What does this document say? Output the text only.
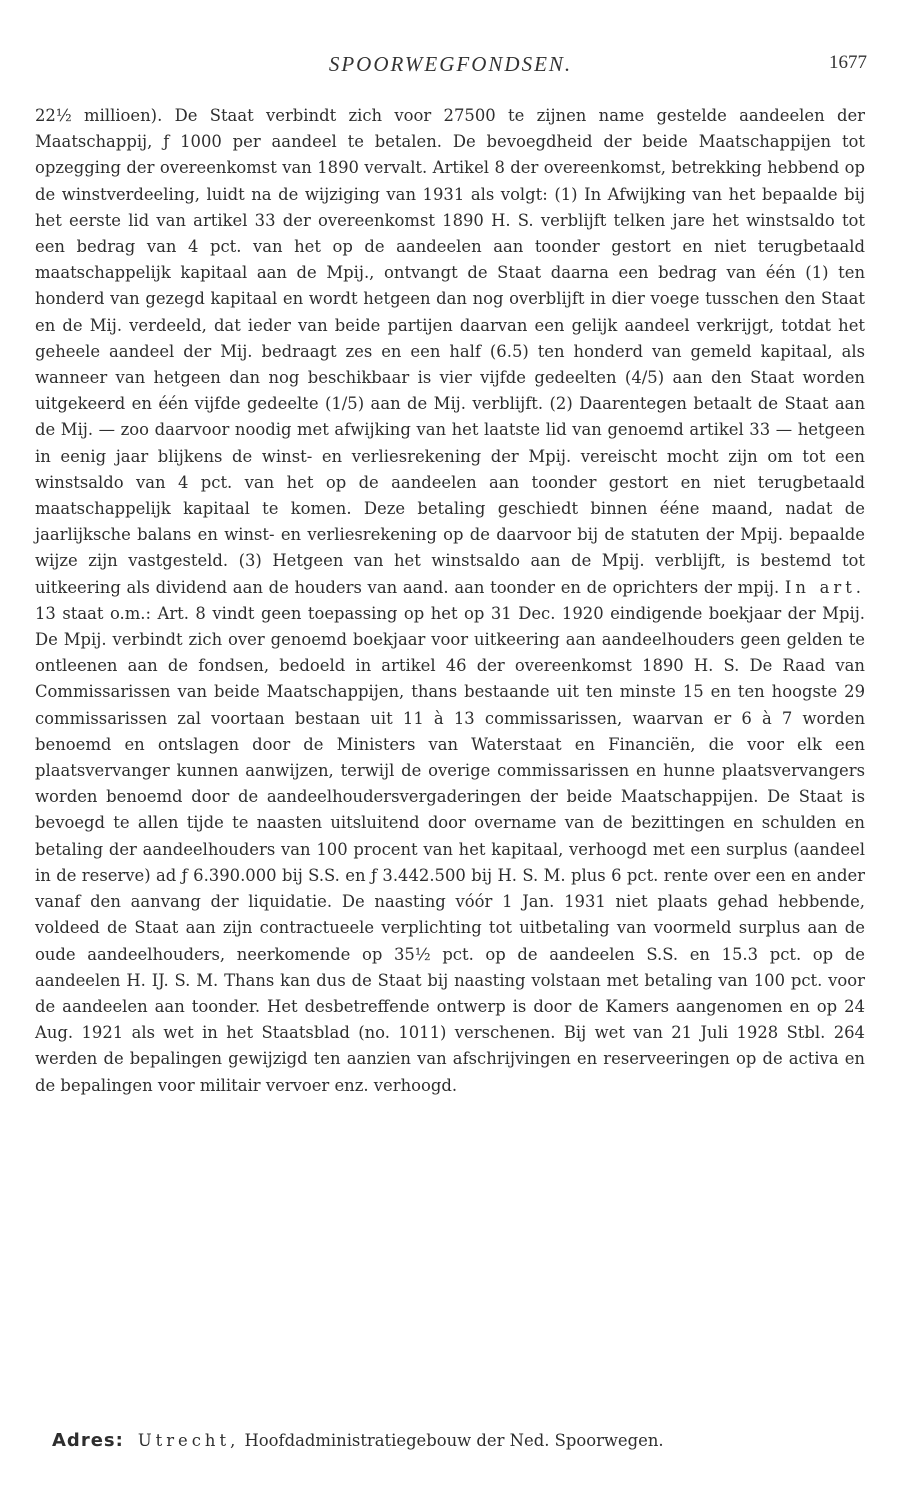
SPOORWEGFONDSEN.	1677

22½ millioen). De Staat verbindt zich voor 27500 te zijnen name gestelde aandeelen der Maatschappij, ƒ 1000 per aandeel te betalen. De bevoegdheid der beide Maatschappijen tot opzegging der overeenkomst van 1890 vervalt. Artikel 8 der overeenkomst, betrekking hebbend op de winstverdeeling, luidt na de wijziging van 1931 als volgt: (1) In Afwijking van het bepaalde bij het eerste lid van artikel 33 der overeenkomst 1890 H. S. verblijft telken jare het winstsaldo tot een bedrag van 4 pct. van het op de aandeelen aan toonder gestort en niet terugbetaald maatschappelijk kapitaal aan de Mpij., ontvangt de Staat daarna een bedrag van één (1) ten honderd van gezegd kapitaal en wordt hetgeen dan nog overblijft in dier voege tusschen den Staat en de Mij. verdeeld, dat ieder van beide partijen daarvan een gelijk aandeel verkrijgt, totdat het geheele aandeel der Mij. bedraagt zes en een half (6.5) ten honderd van gemeld kapitaal, als wanneer van hetgeen dan nog beschikbaar is vier vijfde gedeelten (4/5) aan den Staat worden uitgekeerd en één vijfde gedeelte (1/5) aan de Mij. verblijft. (2) Daarentegen betaalt de Staat aan de Mij. — zoo daarvoor noodig met afwijking van het laatste lid van genoemd artikel 33 — hetgeen in eenig jaar blijkens de winst- en verliesrekening der Mpij. vereischt mocht zijn om tot een winstsaldo van 4 pct. van het op de aandeelen aan toonder gestort en niet terugbetaald maatschappelijk kapitaal te komen. Deze betaling geschiedt binnen ééne maand, nadat de jaarlijksche balans en winst- en verliesrekening op de daarvoor bij de statuten der Mpij. bepaalde wijze zijn vastgesteld. (3) Hetgeen van het winstsaldo aan de Mpij. verblijft, is bestemd tot uitkeering als dividend aan de houders van aand. aan toonder en de oprichters der mpij. In art. 13 staat o.m.: Art. 8 vindt geen toepassing op het op 31 Dec. 1920 eindigende boekjaar der Mpij. De Mpij. verbindt zich over genoemd boekjaar voor uitkeering aan aandeelhouders geen gelden te ontleenen aan de fondsen, bedoeld in artikel 46 der overeenkomst 1890 H. S. De Raad van Commissarissen van beide Maatschappijen, thans bestaande uit ten minste 15 en ten hoogste 29 commissarissen zal voortaan bestaan uit 11 à 13 commissarissen, waarvan er 6 à 7 worden benoemd en ontslagen door de Ministers van Waterstaat en Financiën, die voor elk een plaatsvervanger kunnen aanwijzen, terwijl de overige commissarissen en hunne plaatsvervangers worden benoemd door de aandeelhoudersvergaderingen der beide Maatschappijen. De Staat is bevoegd te allen tijde te naasten uitsluitend door overname van de bezittingen en schulden en betaling der aandeelhouders van 100 procent van het kapitaal, verhoogd met een surplus (aandeel in de reserve) ad ƒ 6.390.000 bij S.S. en ƒ 3.442.500 bij H. S. M. plus 6 pct. rente over een en ander vanaf den aanvang der liquidatie. De naasting vóór 1 Jan. 1931 niet plaats gehad hebbende, voldeed de Staat aan zijn contractueele verplichting tot uitbetaling van voormeld surplus aan de oude aandeelhouders, neerkomende op 35½ pct. op de aandeelen S.S. en 15.3 pct. op de aandeelen H. IJ. S. M. Thans kan dus de Staat bij naasting volstaan met betaling van 100 pct. voor de aandeelen aan toonder. Het desbetreffende ontwerp is door de Kamers aangenomen en op 24 Aug. 1921 als wet in het Staatsblad (no. 1011) verschenen. Bij wet van 21 Juli 1928 Stbl. 264 werden de bepalingen gewijzigd ten aanzien van afschrijvingen en reserveeringen op de activa en de bepalingen voor militair vervoer enz. verhoogd.

Adres: Utrecht, Hoofdadministratiegebouw der Ned. Spoorwegen.
